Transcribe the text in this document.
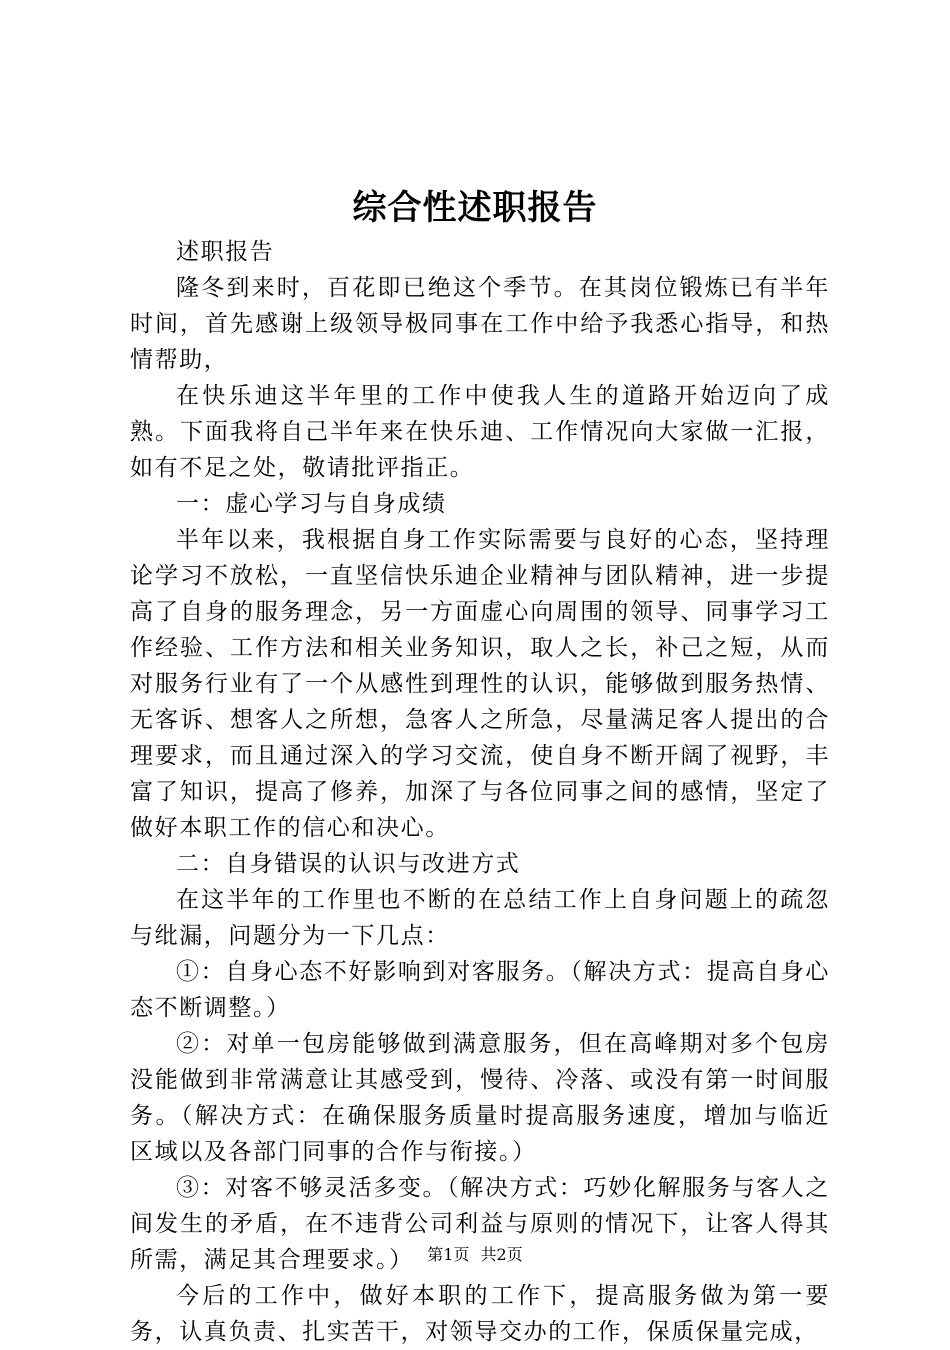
综合性述职报告

述职报告

隆冬到来时，百花即已绝这个季节。在其岗位锻炼已有半年时间，首先感谢上级领导极同事在工作中给予我悉心指导，和热情帮助，

在快乐迪这半年里的工作中使我人生的道路开始迈向了成熟。下面我将自己半年来在快乐迪、工作情况向大家做一汇报，如有不足之处，敬请批评指正。

一：虚心学习与自身成绩

半年以来，我根据自身工作实际需要与良好的心态，坚持理论学习不放松，一直坚信快乐迪企业精神与团队精神，进一步提高了自身的服务理念，另一方面虚心向周围的领导、同事学习工作经验、工作方法和相关业务知识，取人之长，补己之短，从而对服务行业有了一个从感性到理性的认识，能够做到服务热情、无客诉、想客人之所想，急客人之所急，尽量满足客人提出的合理要求，而且通过深入的学习交流，使自身不断开阔了视野，丰富了知识，提高了修养，加深了与各位同事之间的感情，坚定了做好本职工作的信心和决心。

二：自身错误的认识与改进方式

在这半年的工作里也不断的在总结工作上自身问题上的疏忽与纰漏，问题分为一下几点：

①：自身心态不好影响到对客服务。（解决方式：提高自身心态不断调整。）

②：对单一包房能够做到满意服务，但在高峰期对多个包房没能做到非常满意让其感受到，慢待、冷落、或没有第一时间服务。（解决方式：在确保服务质量时提高服务速度，增加与临近区域以及各部门同事的合作与衔接。）

③：对客不够灵活多变。（解决方式：巧妙化解服务与客人之间发生的矛盾，在不违背公司利益与原则的情况下，让客人得其所需，满足其合理要求。）

今后的工作中，做好本职的工作下，提高服务做为第一要务，认真负责、扎实苦干，对领导交办的工作，保质保量完成，

第1页 共2页
